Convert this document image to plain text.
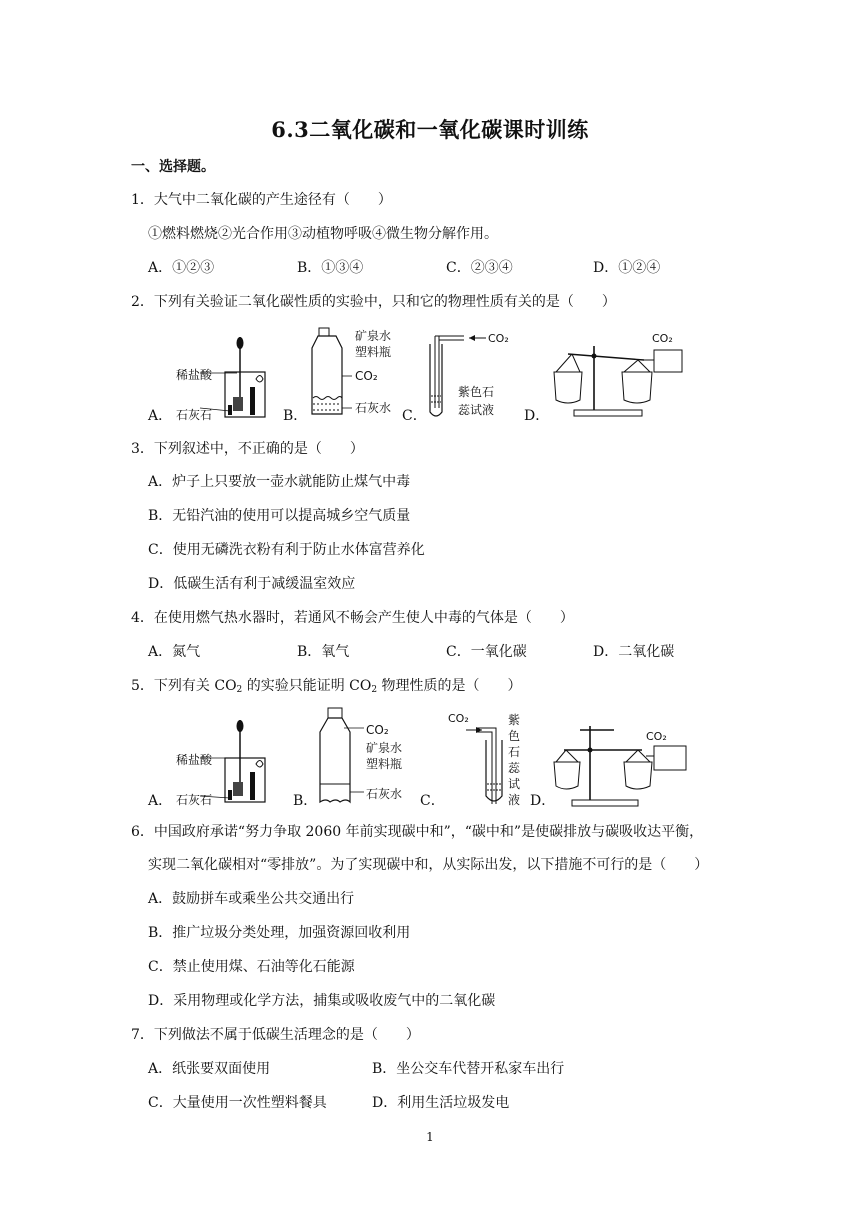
6.3二氧化碳和一氧化碳课时训练
一、选择题。
1．大气中二氧化碳的产生途径有（　　）
①燃料燃烧②光合作用③动植物呼吸④微生物分解作用。
A．①②③	B．①③④	C．②③④	D．①②④
2．下列有关验证二氧化碳性质的实验中，只和它的物理性质有关的是（　　）
A．	B．	C．	D．
稀盐酸
石灰石
矿泉水
塑料瓶
CO₂
石灰水
CO₂
紫色石
蕊试液
CO₂
3．下列叙述中，不正确的是（　　）
A．炉子上只要放一壶水就能防止煤气中毒
B．无铅汽油的使用可以提高城乡空气质量
C．使用无磷洗衣粉有利于防止水体富营养化
D．低碳生活有利于减缓温室效应
4．在使用燃气热水器时，若通风不畅会产生使人中毒的气体是（　　）
A．氮气	B．氧气	C．一氧化碳	D．二氧化碳
5．下列有关 $CO_2$ 的实验只能证明 $CO_2$ 物理性质的是（　　）
A．	B．	C．	D．
稀盐酸
石灰石
CO₂
矿泉水
塑料瓶
石灰水
CO₂	紫
色
石
蕊
试
液
CO₂
6．中国政府承诺“努力争取 2060 年前实现碳中和”，“碳中和”是使碳排放与碳吸收达平衡，
实现二氧化碳相对“零排放”。为了实现碳中和，从实际出发，以下措施不可行的是（　　）
A．鼓励拼车或乘坐公共交通出行
B．推广垃圾分类处理，加强资源回收利用
C．禁止使用煤、石油等化石能源
D．采用物理或化学方法，捕集或吸收废气中的二氧化碳
7．下列做法不属于低碳生活理念的是（　　）
A．纸张要双面使用	B．坐公交车代替开私家车出行
C．大量使用一次性塑料餐具	D．利用生活垃圾发电
1
